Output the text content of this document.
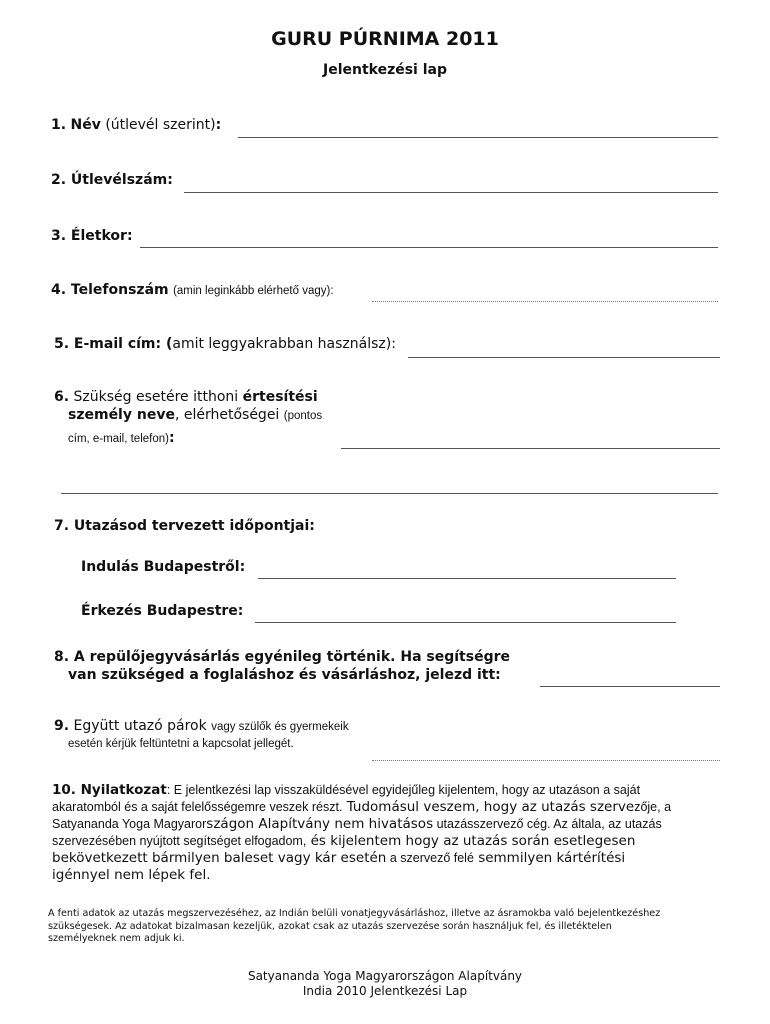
GURU PÚRNIMA 2011
Jelentkezési lap
1. Név (útlevél szerint):
2. Útlevélszám:
3. Életkor:
4. Telefonszám (amin leginkább elérhető vagy):
5. E-mail cím: (amit leggyakrabban használsz):
6. Szükség esetére itthoni értesítési
személy neve, elérhetőségei (pontos
cím, e-mail, telefon):
7. Utazásod tervezett időpontjai:
Indulás Budapestről:
Érkezés Budapestre:
8. A repülőjegyvásárlás egyénileg történik. Ha segítségre
van szükséged a foglaláshoz és vásárláshoz, jelezd itt:
9. Együtt utazó párok vagy szülők és gyermekeik
esetén kérjük feltüntetni a kapcsolat jellegét.
10. Nyilatkozat: E jelentkezési lap visszaküldésével egyidejűleg kijelentem, hogy az utazáson a saját
akaratomból és a saját felelősségemre veszek részt. Tudomásul veszem, hogy az utazás szervezője, a
Satyananda Yoga Magyarországon Alapítvány nem hivatásos utazásszervező cég. Az általa, az utazás
szervezésében nyújtott segítséget elfogadom, és kijelentem hogy az utazás során esetlegesen
bekövetkezett bármilyen baleset vagy kár esetén a szervező felé semmilyen kártérítési
igénnyel nem lépek fel.
A fenti adatok az utazás megszervezéséhez, az Indián belüli vonatjegyvásárláshoz, illetve az ásramokba való bejelentkezéshez
szükségesek. Az adatokat bizalmasan kezeljük, azokat csak az utazás szervezése során használjuk fel, és illetéktelen
személyeknek nem adjuk ki.
Satyananda Yoga Magyarországon Alapítvány
India 2010 Jelentkezési Lap
